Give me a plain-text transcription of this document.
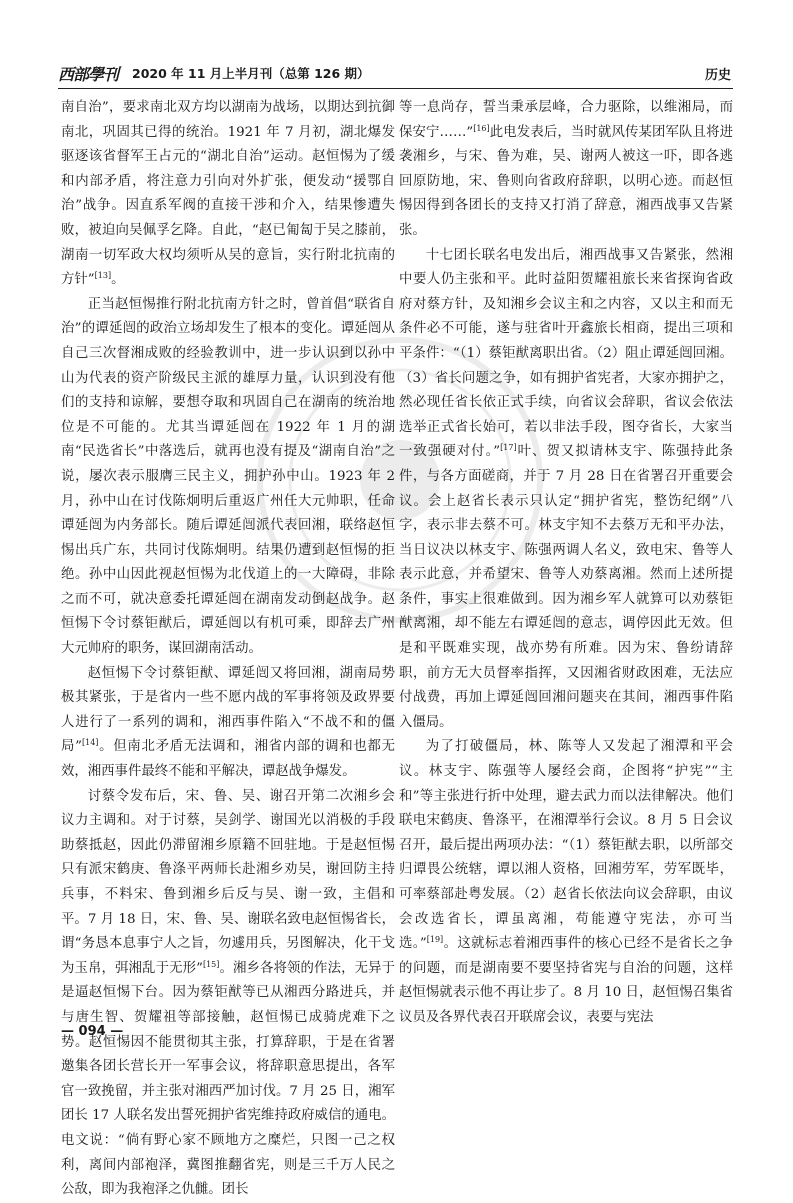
西部學刊 2020 年 11 月上半月刊（总第 126 期）	历史

南自治”，要求南北双方均以湖南为战场，以期达到抗御南北，巩固其已得的统治。1921 年 7 月初，湖北爆发驱逐该省督军王占元的“湖北自治”运动。赵恒惕为了缓和内部矛盾，将注意力引向对外扩张，便发动“援鄂自治”战争。因直系军阀的直接干涉和介入，结果惨遭失败，被迫向吴佩孚乞降。自此，“赵已匍匐于吴之膝前，湖南一切军政大权均须听从吴的意旨，实行附北抗南的方针”[13]。

正当赵恒惕推行附北抗南方针之时，曾首倡“联省自治”的谭延闿的政治立场却发生了根本的变化。谭延闿从自己三次督湘成败的经验教训中，进一步认识到以孙中山为代表的资产阶级民主派的雄厚力量，认识到没有他们的支持和谅解，要想夺取和巩固自己在湖南的统治地位是不可能的。尤其当谭延闿在 1922 年 1 月的湖南“民选省长”中落选后，就再也没有提及“湖南自治”之说，屡次表示服膺三民主义，拥护孙中山。1923 年 2 月，孙中山在讨伐陈炯明后重返广州任大元帅职，任命谭延闿为内务部长。随后谭延闿派代表回湘，联络赵恒惕出兵广东，共同讨伐陈炯明。结果仍遭到赵恒惕的拒绝。孙中山因此视赵恒惕为北伐道上的一大障碍，非除之而不可，就决意委托谭延闿在湖南发动倒赵战争。赵恒惕下令讨蔡钜猷后，谭延闿以有机可乘，即辞去广州大元帅府的职务，谋回湖南活动。

赵恒惕下令讨蔡钜猷、谭延闿又将回湘，湖南局势极其紧张，于是省内一些不愿内战的军事将领及政界要人进行了一系列的调和，湘西事件陷入“不战不和的僵局”[14]。但南北矛盾无法调和，湘省内部的调和也都无效，湘西事件最终不能和平解决，谭赵战争爆发。

讨蔡令发布后，宋、鲁、吴、谢召开第二次湘乡会议力主调和。对于讨蔡，吴剑学、谢国光以消极的手段助蔡抵赵，因此仍滞留湘乡原籍不回驻地。于是赵恒惕只有派宋鹤庚、鲁涤平两师长赴湘乡劝吴，谢回防主持兵事，不料宋、鲁到湘乡后反与吴、谢一致，主倡和平。7 月 18 日，宋、鲁、吴、谢联名致电赵恒惕省长，谓“务恳本息事宁人之旨，勿遽用兵，另图解决，化干戈为玉帛，弭湘乱于无形”[15]。湘乡各将领的作法，无异于是逼赵恒惕下台。因为蔡钜猷等已从湘西分路进兵，并与唐生智、贺耀祖等部接触，赵恒惕已成骑虎难下之势。赵恒惕因不能贯彻其主张，打算辞职，于是在省署邀集各团长营长开一军事会议，将辞职意思提出，各军官一致挽留，并主张对湘西严加讨伐。7 月 25 日，湘军团长 17 人联名发出誓死拥护省宪维持政府威信的通电。电文说：“倘有野心家不顾地方之糜烂，只图一己之权利，离间内部袍泽，冀图推翻省宪，则是三千万人民之公敌，即为我袍泽之仇雠。团长

等一息尚存，誓当秉承层峰，合力驱除，以维湘局，而保安宁……”[16]此电发表后，当时就风传某团军队且将进袭湘乡，与宋、鲁为难，吴、谢两人被这一吓，即各逃回原防地，宋、鲁则向省政府辞职，以明心迹。而赵恒惕因得到各团长的支持又打消了辞意，湘西战事又告紧张。

十七团长联名电发出后，湘西战事又告紧张，然湘中要人仍主张和平。此时益阳贺耀祖旅长来省探询省政府对蔡方针，及知湘乡会议主和之内容，又以主和而无条件必不可能，遂与驻省叶开鑫旅长相商，提出三项和平条件：“（1）蔡钜猷离职出省。（2）阻止谭延闿回湘。（3）省长问题之争，如有拥护省宪者，大家亦拥护之，然必现任省长依正式手续，向省议会辞职，省议会依法选举正式省长始可，若以非法手段，图夺省长，大家当一致强硬对付。”[17]叶、贺又拟请林支宇、陈强持此条件，与各方面磋商，并于 7 月 28 日在省署召开重要会议。会上赵省长表示只认定“拥护省宪，整饬纪纲”八字，表示非去蔡不可。林支宇知不去蔡万无和平办法，当日议决以林支宇、陈强两调人名义，致电宋、鲁等人表示此意，并希望宋、鲁等人劝蔡离湘。然而上述所提条件，事实上很难做到。因为湘乡军人就算可以劝蔡钜猷离湘，却不能左右谭延闿的意志，调停因此无效。但是和平既难实现，战亦势有所难。因为宋、鲁纷请辞职，前方无大员督率指挥，又因湘省财政困难，无法应付战费，再加上谭延闿回湘问题夹在其间，湘西事件陷入僵局。

为了打破僵局，林、陈等人又发起了湘潭和平会议。林支宇、陈强等人屡经会商，企图将“护宪”“主和”等主张进行折中处理，避去武力而以法律解决。他们联电宋鹤庚、鲁涤平，在湘潭举行会议。8 月 5 日会议召开，最后提出两项办法：“（1）蔡钜猷去职，以所部交归谭畏公统辖，谭以湘人资格，回湘劳军，劳军既毕，可率蔡部赴粤发展。（2）赵省长依法向议会辞职，由议会改选省长，谭虽离湘，苟能遵守宪法，亦可当选。”[19]。这就标志着湘西事件的核心已经不是省长之争的问题，而是湖南要不要坚持省宪与自治的问题，这样赵恒惕就表示他不再让步了。8 月 10 日，赵恒惕召集省议员及各界代表召开联席会议，表要与宪法

— 094 —
